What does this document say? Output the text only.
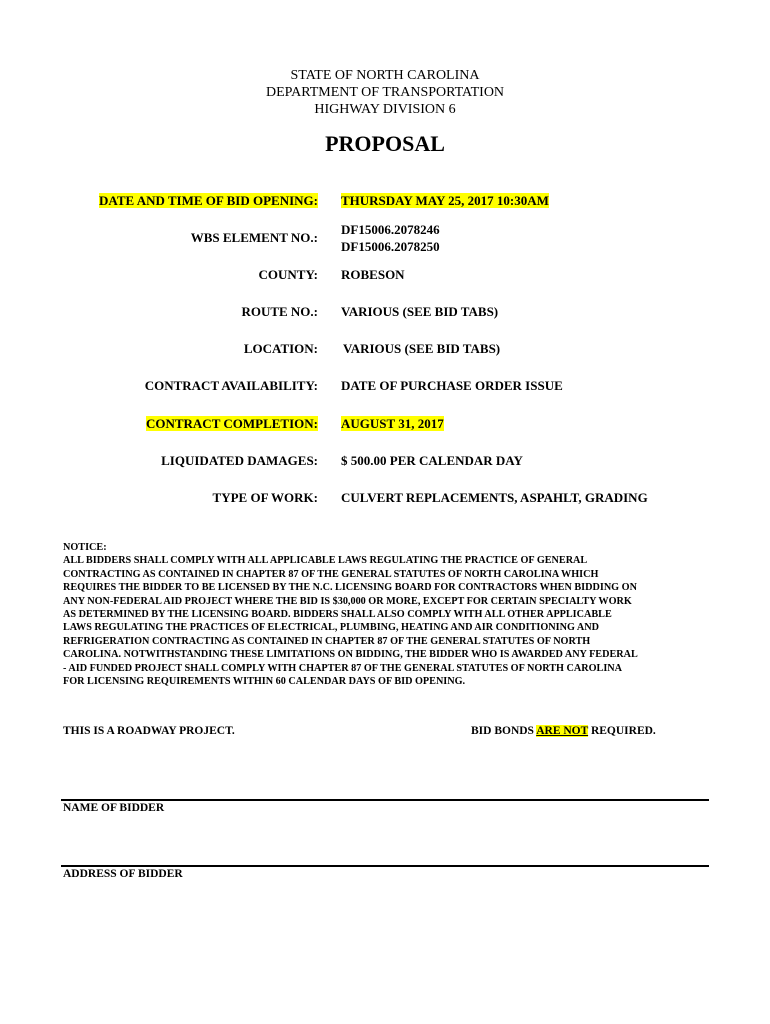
STATE OF NORTH CAROLINA
DEPARTMENT OF TRANSPORTATION
HIGHWAY DIVISION 6
PROPOSAL
DATE AND TIME OF BID OPENING: THURSDAY MAY 25, 2017 10:30AM
WBS ELEMENT NO.:
DF15006.2078246
DF15006.2078250
COUNTY: ROBESON
ROUTE NO.: VARIOUS (SEE BID TABS)
LOCATION: VARIOUS (SEE BID TABS)
CONTRACT AVAILABILITY: DATE OF PURCHASE ORDER ISSUE
CONTRACT COMPLETION: AUGUST 31, 2017
LIQUIDATED DAMAGES: $ 500.00 PER CALENDAR DAY
TYPE OF WORK: CULVERT REPLACEMENTS, ASPAHLT, GRADING
NOTICE:
ALL BIDDERS SHALL COMPLY WITH ALL APPLICABLE LAWS REGULATING THE PRACTICE OF GENERAL
CONTRACTING AS CONTAINED IN CHAPTER 87 OF THE GENERAL STATUTES OF NORTH CAROLINA WHICH
REQUIRES THE BIDDER TO BE LICENSED BY THE N.C. LICENSING BOARD FOR CONTRACTORS WHEN BIDDING ON
ANY NON-FEDERAL AID PROJECT WHERE THE BID IS $30,000 OR MORE, EXCEPT FOR CERTAIN SPECIALTY WORK
AS DETERMINED BY THE LICENSING BOARD. BIDDERS SHALL ALSO COMPLY WITH ALL OTHER APPLICABLE
LAWS REGULATING THE PRACTICES OF ELECTRICAL, PLUMBING, HEATING AND AIR CONDITIONING AND
REFRIGERATION CONTRACTING AS CONTAINED IN CHAPTER 87 OF THE GENERAL STATUTES OF NORTH
CAROLINA. NOTWITHSTANDING THESE LIMITATIONS ON BIDDING, THE BIDDER WHO IS AWARDED ANY FEDERAL
- AID FUNDED PROJECT SHALL COMPLY WITH CHAPTER 87 OF THE GENERAL STATUTES OF NORTH CAROLINA
FOR LICENSING REQUIREMENTS WITHIN 60 CALENDAR DAYS OF BID OPENING.
THIS IS A ROADWAY PROJECT.	BID BONDS ARE NOT REQUIRED.
NAME OF BIDDER
ADDRESS OF BIDDER
